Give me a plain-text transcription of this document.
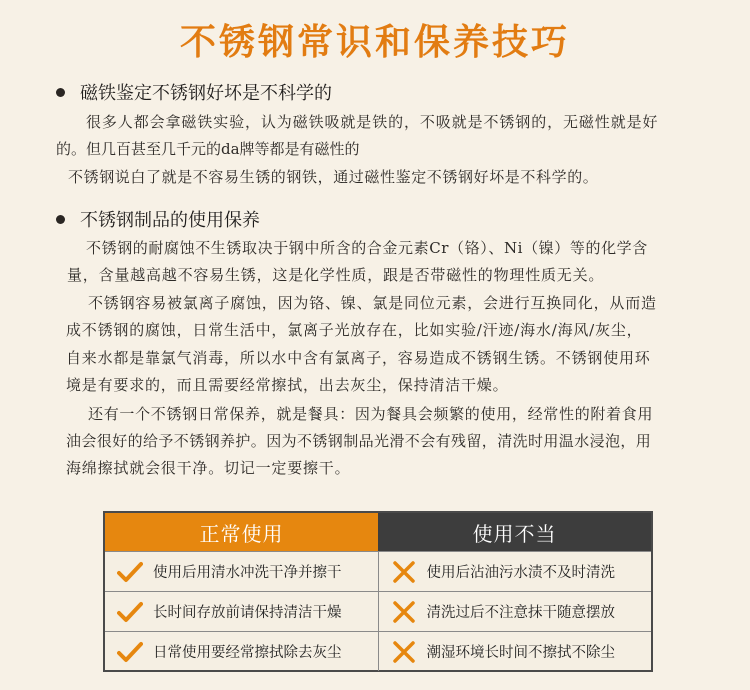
不锈钢常识和保养技巧
磁铁鉴定不锈钢好坏是不科学的
很多人都会拿磁铁实验，认为磁铁吸就是铁的，不吸就是不锈钢的，无磁性就是好
的。但几百甚至几千元的da牌等都是有磁性的
不锈钢说白了就是不容易生锈的钢铁，通过磁性鉴定不锈钢好坏是不科学的。
不锈钢制品的使用保养
不锈钢的耐腐蚀不生锈取决于钢中所含的合金元素Cr（铬）、Ni（镍）等的化学含
量，含量越高越不容易生锈，这是化学性质，跟是否带磁性的物理性质无关。
不锈钢容易被氯离子腐蚀，因为铬、镍、氯是同位元素，会进行互换同化，从而造
成不锈钢的腐蚀，日常生活中，氯离子光放存在，比如实验/汗迹/海水/海风/灰尘，
自来水都是靠氯气消毒，所以水中含有氯离子，容易造成不锈钢生锈。不锈钢使用环
境是有要求的，而且需要经常擦拭，出去灰尘，保持清洁干燥。
还有一个不锈钢日常保养，就是餐具：因为餐具会频繁的使用，经常性的附着食用
油会很好的给予不锈钢养护。因为不锈钢制品光滑不会有残留，清洗时用温水浸泡，用
海绵擦拭就会很干净。切记一定要擦干。
正常使用	使用不当
使用后用清水冲洗干净并擦干	使用后沾油污水渍不及时清洗
长时间存放前请保持清洁干燥	清洗过后不注意抹干随意摆放
日常使用要经常擦拭除去灰尘	潮湿环境长时间不擦拭不除尘
